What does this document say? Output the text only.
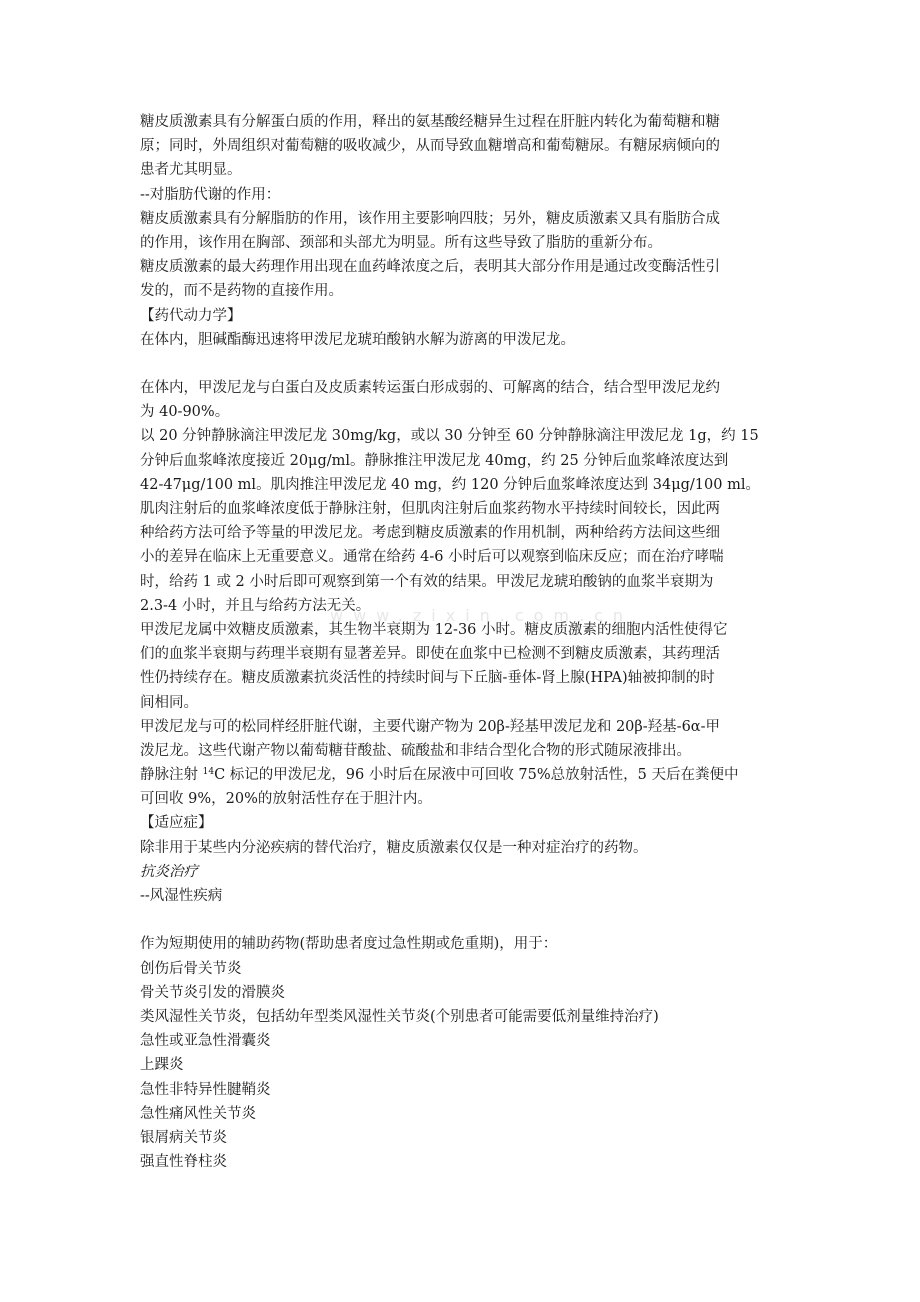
糖皮质激素具有分解蛋白质的作用，释出的氨基酸经糖异生过程在肝脏内转化为葡萄糖和糖
原；同时，外周组织对葡萄糖的吸收减少，从而导致血糖增高和葡萄糖尿。有糖尿病倾向的
患者尤其明显。
--对脂肪代谢的作用：
糖皮质激素具有分解脂肪的作用，该作用主要影响四肢；另外，糖皮质激素又具有脂肪合成
的作用，该作用在胸部、颈部和头部尤为明显。所有这些导致了脂肪的重新分布。
糖皮质激素的最大药理作用出现在血药峰浓度之后，表明其大部分作用是通过改变酶活性引
发的，而不是药物的直接作用。
【药代动力学】
在体内，胆碱酯酶迅速将甲泼尼龙琥珀酸钠水解为游离的甲泼尼龙。
在体内，甲泼尼龙与白蛋白及皮质素转运蛋白形成弱的、可解离的结合，结合型甲泼尼龙约
为 40-90%。
以 20 分钟静脉滴注甲泼尼龙 30mg/kg，或以 30 分钟至 60 分钟静脉滴注甲泼尼龙 1g，约 15
分钟后血浆峰浓度接近 20μg/ml。静脉推注甲泼尼龙 40mg，约 25 分钟后血浆峰浓度达到
42-47μg/100 ml。肌肉推注甲泼尼龙 40 mg，约 120 分钟后血浆峰浓度达到 34μg/100 ml。
肌肉注射后的血浆峰浓度低于静脉注射，但肌肉注射后血浆药物水平持续时间较长，因此两
种给药方法可给予等量的甲泼尼龙。考虑到糖皮质激素的作用机制，两种给药方法间这些细
小的差异在临床上无重要意义。通常在给药 4-6 小时后可以观察到临床反应；而在治疗哮喘
时，给药 1 或 2 小时后即可观察到第一个有效的结果。甲泼尼龙琥珀酸钠的血浆半衰期为
2.3-4 小时，并且与给药方法无关。
甲泼尼龙属中效糖皮质激素，其生物半衰期为 12-36 小时。糖皮质激素的细胞内活性使得它
们的血浆半衰期与药理半衰期有显著差异。即使在血浆中已检测不到糖皮质激素，其药理活
性仍持续存在。糖皮质激素抗炎活性的持续时间与下丘脑-垂体-肾上腺(HPA)轴被抑制的时
间相同。
甲泼尼龙与可的松同样经肝脏代谢，主要代谢产物为 20β-羟基甲泼尼龙和 20β-羟基-6α-甲
泼尼龙。这些代谢产物以葡萄糖苷酸盐、硫酸盐和非结合型化合物的形式随尿液排出。
静脉注射 $^{14}$C 标记的甲泼尼龙，96 小时后在尿液中可回收 75%总放射活性，5 天后在粪便中
可回收 9%，20%的放射活性存在于胆汁内。
【适应症】
除非用于某些内分泌疾病的替代治疗，糖皮质激素仅仅是一种对症治疗的药物。
抗炎治疗
--风湿性疾病
作为短期使用的辅助药物(帮助患者度过急性期或危重期)，用于：
创伤后骨关节炎
骨关节炎引发的滑膜炎
类风湿性关节炎，包括幼年型类风湿性关节炎(个别患者可能需要低剂量维持治疗)
急性或亚急性滑囊炎
上踝炎
急性非特异性腱鞘炎
急性痛风性关节炎
银屑病关节炎
强直性脊柱炎
www.zixin.com.cn
